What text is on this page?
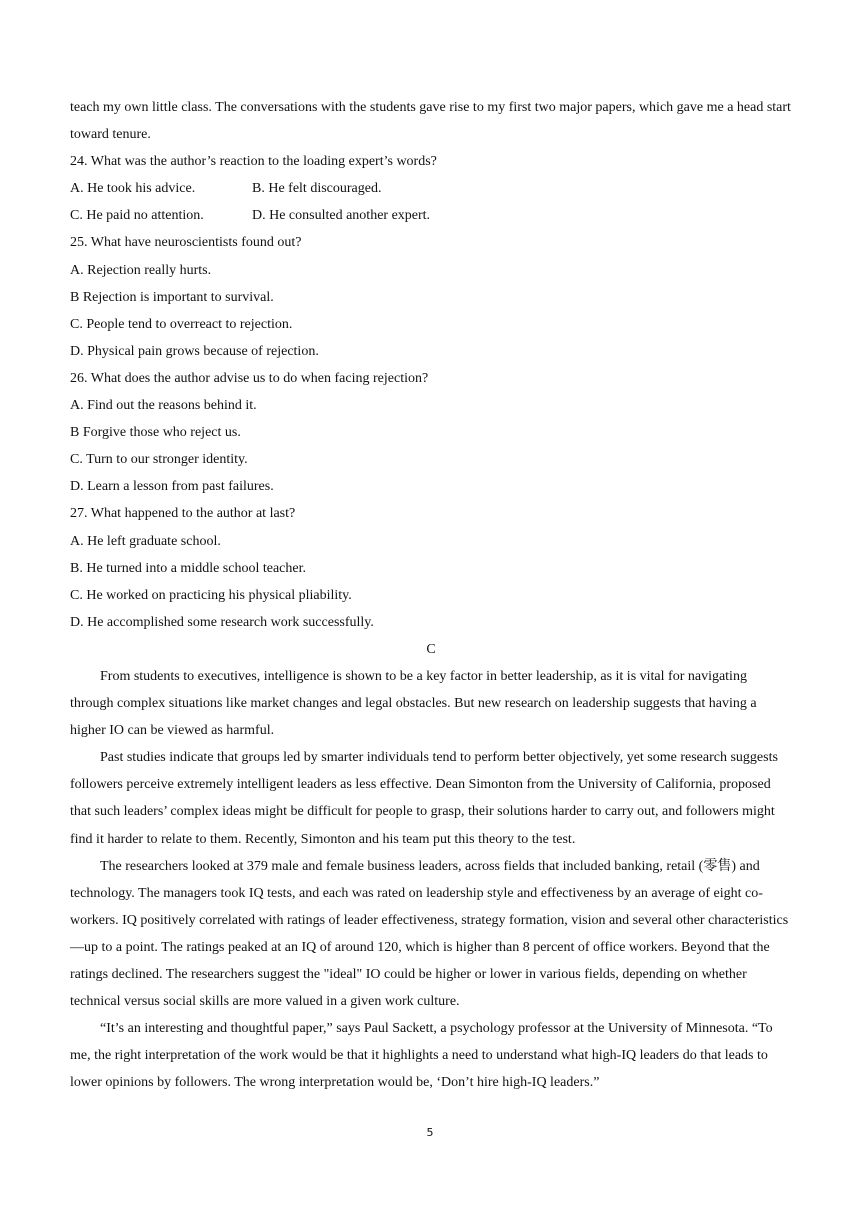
teach my own little class. The conversations with the students gave rise to my first two major papers, which gave me a head start toward tenure.
24. What was the author’s reaction to the loading expert’s words?
A. He took his advice.	B. He felt discouraged.
C. He paid no attention.	D. He consulted another expert.
25. What have neuroscientists found out?
A. Rejection really hurts.
B Rejection is important to survival.
C. People tend to overreact to rejection.
D. Physical pain grows because of rejection.
26. What does the author advise us to do when facing rejection?
A. Find out the reasons behind it.
B Forgive those who reject us.
C. Turn to our stronger identity.
D. Learn a lesson from past failures.
27. What happened to the author at last?
A. He left graduate school.
B. He turned into a middle school teacher.
C. He worked on practicing his physical pliability.
D. He accomplished some research work successfully.
C
From students to executives, intelligence is shown to be a key factor in better leadership, as it is vital for navigating through complex situations like market changes and legal obstacles. But new research on leadership suggests that having a higher IO can be viewed as harmful.
Past studies indicate that groups led by smarter individuals tend to perform better objectively, yet some research suggests followers perceive extremely intelligent leaders as less effective. Dean Simonton from the University of California, proposed that such leaders’ complex ideas might be difficult for people to grasp, their solutions harder to carry out, and followers might find it harder to relate to them. Recently, Simonton and his team put this theory to the test.
The researchers looked at 379 male and female business leaders, across fields that included banking, retail (零售) and technology. The managers took IQ tests, and each was rated on leadership style and effectiveness by an average of eight co-workers. IQ positively correlated with ratings of leader effectiveness, strategy formation, vision and several other characteristics—up to a point. The ratings peaked at an IQ of around 120, which is higher than 8 percent of office workers. Beyond that the ratings declined. The researchers suggest the "ideal" IO could be higher or lower in various fields, depending on whether technical versus social skills are more valued in a given work culture.
“It’s an interesting and thoughtful paper,” says Paul Sackett, a psychology professor at the University of Minnesota. “To me, the right interpretation of the work would be that it highlights a need to understand what high-IQ leaders do that leads to lower opinions by followers. The wrong interpretation would be, ‘Don’t hire high-IQ leaders.”
5
